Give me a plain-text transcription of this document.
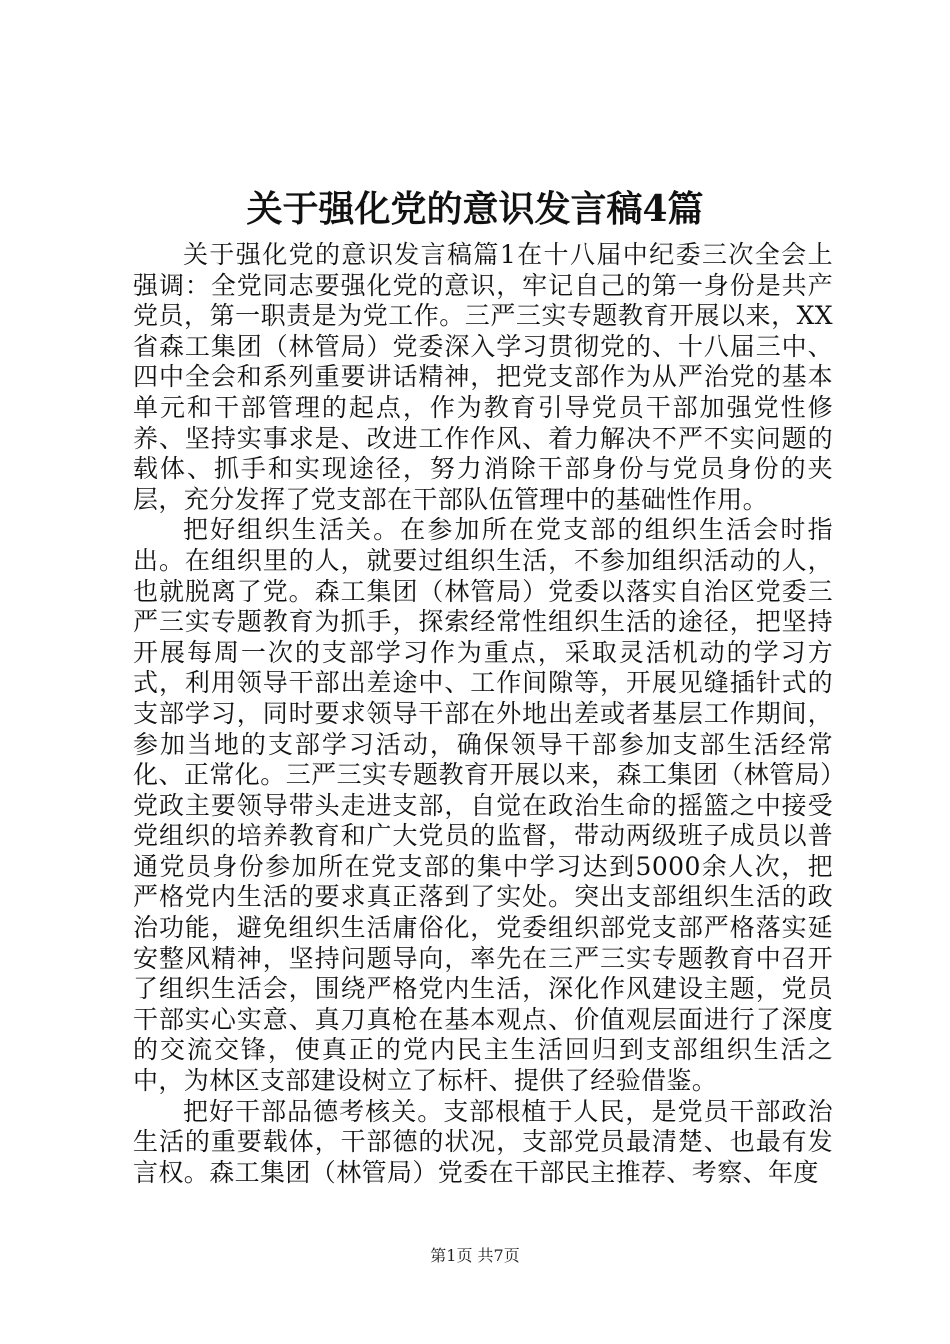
关于强化党的意识发言稿4篇

关于强化党的意识发言稿篇1在十八届中纪委三次全会上强调：全党同志要强化党的意识，牢记自己的第一身份是共产党员，第一职责是为党工作。三严三实专题教育开展以来，XX省森工集团（林管局）党委深入学习贯彻党的、十八届三中、四中全会和系列重要讲话精神，把党支部作为从严治党的基本单元和干部管理的起点，作为教育引导党员干部加强党性修养、坚持实事求是、改进工作作风、着力解决不严不实问题的载体、抓手和实现途径，努力消除干部身份与党员身份的夹层，充分发挥了党支部在干部队伍管理中的基础性作用。

把好组织生活关。在参加所在党支部的组织生活会时指出。在组织里的人，就要过组织生活，不参加组织活动的人，也就脱离了党。森工集团（林管局）党委以落实自治区党委三严三实专题教育为抓手，探索经常性组织生活的途径，把坚持开展每周一次的支部学习作为重点，采取灵活机动的学习方式，利用领导干部出差途中、工作间隙等，开展见缝插针式的支部学习，同时要求领导干部在外地出差或者基层工作期间，参加当地的支部学习活动，确保领导干部参加支部生活经常化、正常化。三严三实专题教育开展以来，森工集团（林管局）党政主要领导带头走进支部，自觉在政治生命的摇篮之中接受党组织的培养教育和广大党员的监督，带动两级班子成员以普通党员身份参加所在党支部的集中学习达到5000余人次，把严格党内生活的要求真正落到了实处。突出支部组织生活的政治功能，避免组织生活庸俗化，党委组织部党支部严格落实延安整风精神，坚持问题导向，率先在三严三实专题教育中召开了组织生活会，围绕严格党内生活，深化作风建设主题，党员干部实心实意、真刀真枪在基本观点、价值观层面进行了深度的交流交锋，使真正的党内民主生活回归到支部组织生活之中，为林区支部建设树立了标杆、提供了经验借鉴。

把好干部品德考核关。支部根植于人民，是党员干部政治生活的重要载体，干部德的状况，支部党员最清楚、也最有发言权。森工集团（林管局）党委在干部民主推荐、考察、年度

第1页 共7页
